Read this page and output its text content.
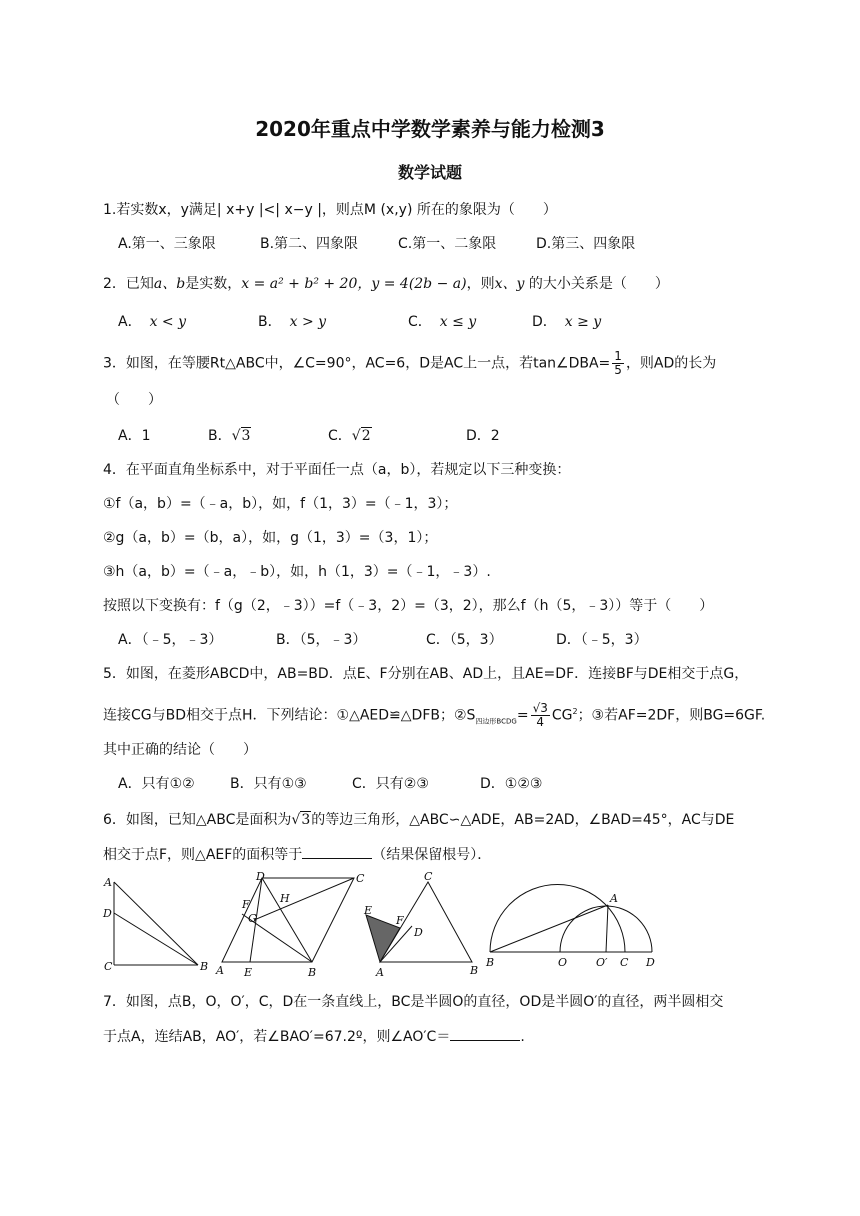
2020年重点中学数学素养与能力检测3
数学试题
1.若实数x，y满足| x+y |<| x−y |，则点M (x,y) 所在的象限为（　　）
A.第一、三象限	B.第二、四象限	C.第一、二象限	D.第三、四象限
2．已知a、b是实数，x = a² + b² + 20，y = 4(2b − a)，则x、y 的大小关系是（　　）
A． x < y	B． x > y	C． x ≤ y	D． x ≥ y
3．如图，在等腰Rt△ABC中，∠C=90°，AC=6，D是AC上一点，若tan∠DBA= $\frac{1}{5}$ ，则AD的长为
（　　）
A．1	B．√3	C．√2	D．2
4．在平面直角坐标系中，对于平面任一点（a，b），若规定以下三种变换：
①f（a，b）=（﹣a，b），如，f（1，3）=（﹣1，3）；
②g（a，b）=（b，a），如，g（1，3）=（3，1）；
③h（a，b）=（﹣a，﹣b），如，h（1，3）=（﹣1，﹣3）.
按照以下变换有：f（g（2，﹣3））=f（﹣3，2）=（3，2），那么f（h（5，﹣3））等于（　　）
A．（﹣5，﹣3）	B．（5，﹣3）	C．（5，3）	D．（﹣5，3）
5．如图，在菱形ABCD中，AB=BD．点E、F分别在AB、AD上，且AE=DF．连接BF与DE相交于点G，
连接CG与BD相交于点H．下列结论：①△AED≌△DFB；$②S_{四边形BCDG}= \frac{√3}{4} CG^2$；③若AF=2DF，则BG=6GF.
其中正确的结论（　　）
A．只有①②	B．只有①③	C．只有②③	D．①②③
6．如图，已知△ABC是面积为√3的等边三角形，△ABC∽△ADE，AB=2AD，∠BAD=45°，AC与DE
相交于点F，则△AEF的面积等于	（结果保留根号）．
A
D
C	B
D	C
F	H
G
A E	B
C
E
F
D
A	B
A
B	O	O′ C D
7．如图，点B，O，O′，C，D在一条直线上，BC是半圆O的直径，OD是半圆O′的直径，两半圆相交
于点A，连结AB，AO′，若∠BAO′=67.2º，则∠AO′C＝	.
